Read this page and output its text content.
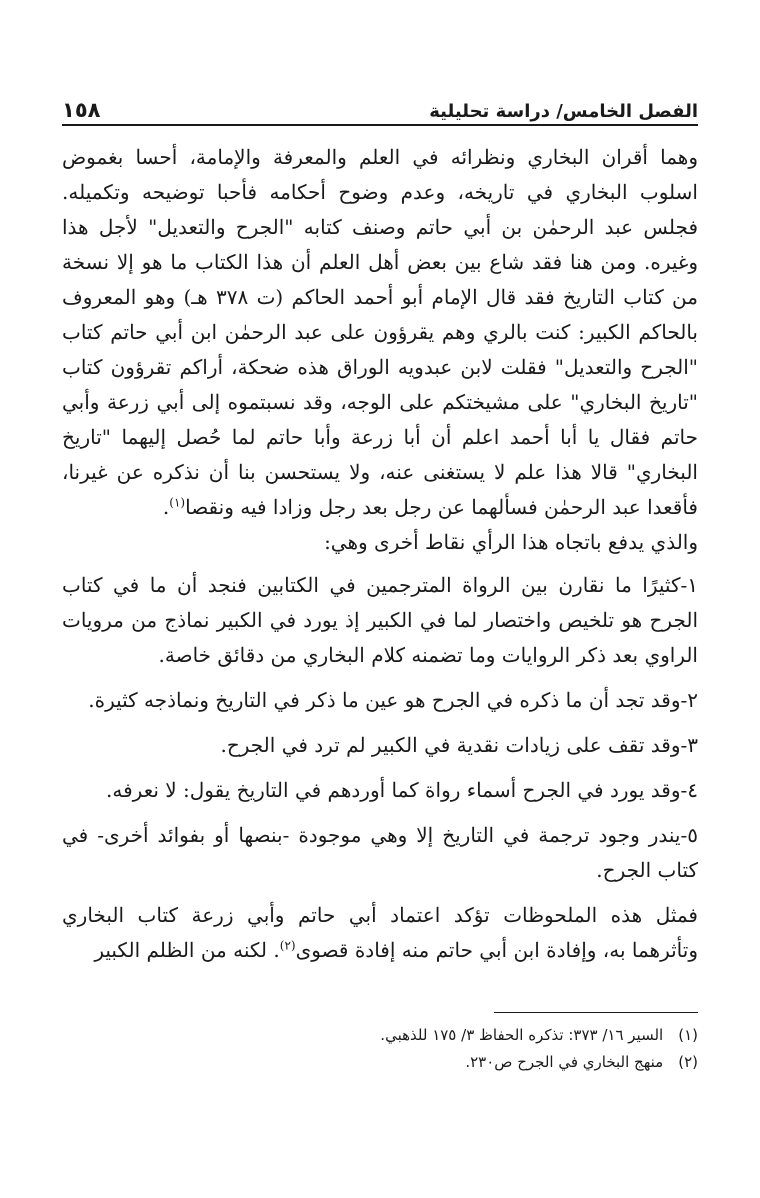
١٥٨	الفصل الخامس/ دراسة تحليلية

وهما أقران البخاري ونظرائه في العلم والمعرفة والإمامة، أحسا بغموض اسلوب البخاري في تاريخه، وعدم وضوح أحكامه فأحبا توضيحه وتكميله. فجلس عبد الرحمٰن بن أبي حاتم وصنف كتابه "الجرح والتعديل" لأجل هذا وغيره. ومن هنا فقد شاع بين بعض أهل العلم أن هذا الكتاب ما هو إلا نسخة من كتاب التاريخ فقد قال الإمام أبو أحمد الحاكم (ت ٣٧٨ هـ) وهو المعروف بالحاكم الكبير: كنت بالري وهم يقرؤون على عبد الرحمٰن ابن أبي حاتم كتاب "الجرح والتعديل" فقلت لابن عبدويه الوراق هذه ضحكة، أراكم تقرؤون كتاب "تاريخ البخاري" على مشيختكم على الوجه، وقد نسبتموه إلى أبي زرعة وأبي حاتم فقال يا أبا أحمد اعلم أن أبا زرعة وأبا حاتم لما حُصل إليهما "تاريخ البخاري" قالا هذا علم لا يستغنى عنه، ولا يستحسن بنا أن نذكره عن غيرنا، فأقعدا عبد الرحمٰن فسألهما عن رجل بعد رجل وزادا فيه ونقصا$^{(١)}$.

والذي يدفع باتجاه هذا الرأي نقاط أخرى وهي:

١-كثيرًا ما نقارن بين الرواة المترجمين في الكتابين فنجد أن ما في كتاب الجرح هو تلخيص واختصار لما في الكبير إذ يورد في الكبير نماذج من مرويات الراوي بعد ذكر الروايات وما تضمنه كلام البخاري من دقائق خاصة.

٢-وقد تجد أن ما ذكره في الجرح هو عين ما ذكر في التاريخ ونماذجه كثيرة.

٣-وقد تقف على زيادات نقدية في الكبير لم ترد في الجرح.

٤-وقد يورد في الجرح أسماء رواة كما أوردهم في التاريخ يقول: لا نعرفه.

٥-يندر وجود ترجمة في التاريخ إلا وهي موجودة -بنصها أو بفوائد أخرى- في كتاب الجرح.

فمثل هذه الملحوظات تؤكد اعتماد أبي حاتم وأبي زرعة كتاب البخاري وتأثرهما به، وإفادة ابن أبي حاتم منه إفادة قصوى$^{(٢)}$. لكنه من الظلم الكبير

(١) السير ١٦/ ٣٧٣: تذكره الحفاظ ٣/ ١٧٥ للذهبي.
(٢) منهج البخاري في الجرح ص٢٣٠.
